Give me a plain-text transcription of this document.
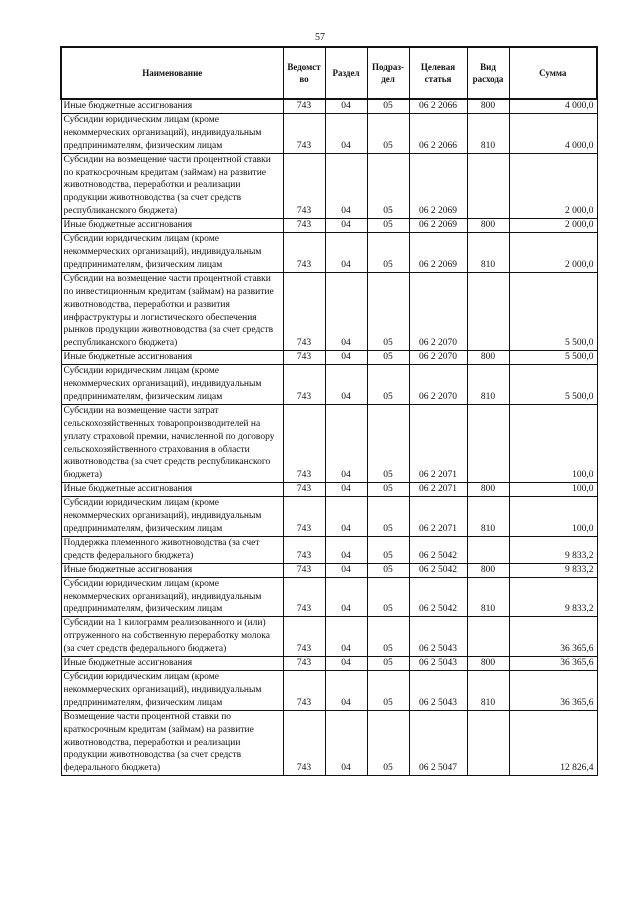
57
Наименование	Ведомст во	Раздел	Подраз- дел	Целевая статья	Вид расхода	Сумма
Иные бюджетные ассигнования	743	04	05	06 2 2066	800	4 000,0
Субсидии юридическим лицам (кроме некоммерческих организаций), индивидуальным предпринимателям, физическим лицам	743	04	05	06 2 2066	810	4 000,0
Субсидии на возмещение части процентной ставки по краткосрочным кредитам (займам) на развитие животноводства, переработки и реализации продукции животноводства (за счет средств республиканского бюджета)	743	04	05	06 2 2069		2 000,0
Иные бюджетные ассигнования	743	04	05	06 2 2069	800	2 000,0
Субсидии юридическим лицам (кроме некоммерческих организаций), индивидуальным предпринимателям, физическим лицам	743	04	05	06 2 2069	810	2 000,0
Субсидии на возмещение части процентной ставки по инвестиционным кредитам (займам) на развитие животноводства, переработки и развития инфраструктуры и логистического обеспечения рынков продукции животноводства (за счет средств республиканского бюджета)	743	04	05	06 2 2070		5 500,0
Иные бюджетные ассигнования	743	04	05	06 2 2070	800	5 500,0
Субсидии юридическим лицам (кроме некоммерческих организаций), индивидуальным предпринимателям, физическим лицам	743	04	05	06 2 2070	810	5 500,0
Субсидии на возмещение части затрат сельскохозяйственных товаропроизводителей на уплату страховой премии, начисленной по договору сельскохозяйственного страхования в области животноводства (за счет средств республиканского бюджета)	743	04	05	06 2 2071		100,0
Иные бюджетные ассигнования	743	04	05	06 2 2071	800	100,0
Субсидии юридическим лицам (кроме некоммерческих организаций), индивидуальным предпринимателям, физическим лицам	743	04	05	06 2 2071	810	100,0
Поддержка племенного животноводства (за счет средств федерального бюджета)	743	04	05	06 2 5042		9 833,2
Иные бюджетные ассигнования	743	04	05	06 2 5042	800	9 833,2
Субсидии юридическим лицам (кроме некоммерческих организаций), индивидуальным предпринимателям, физическим лицам	743	04	05	06 2 5042	810	9 833,2
Субсидии на 1 килограмм реализованного и (или) отгруженного на собственную переработку молока (за счет средств федерального бюджета)	743	04	05	06 2 5043		36 365,6
Иные бюджетные ассигнования	743	04	05	06 2 5043	800	36 365,6
Субсидии юридическим лицам (кроме некоммерческих организаций), индивидуальным предпринимателям, физическим лицам	743	04	05	06 2 5043	810	36 365,6
Возмещение части процентной ставки по краткосрочным кредитам (займам) на развитие животноводства, переработки и реализации продукции животноводства (за счет средств федерального бюджета)	743	04	05	06 2 5047		12 826,4
